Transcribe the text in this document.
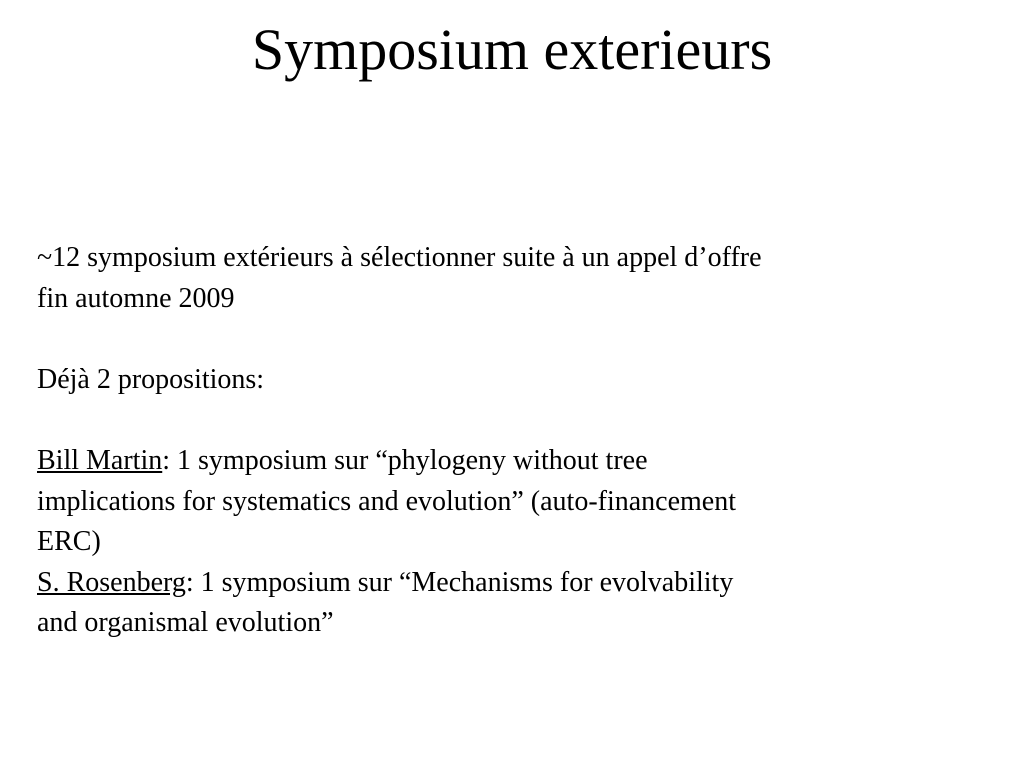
Symposium exterieurs

~12 symposium extérieurs à sélectionner suite à un appel d’offre
fin automne 2009

Déjà 2 propositions:

Bill Martin: 1 symposium sur “phylogeny without tree
implications for systematics and evolution” (auto-financement
ERC)

S. Rosenberg: 1 symposium sur “Mechanisms for evolvability
and organismal evolution”
